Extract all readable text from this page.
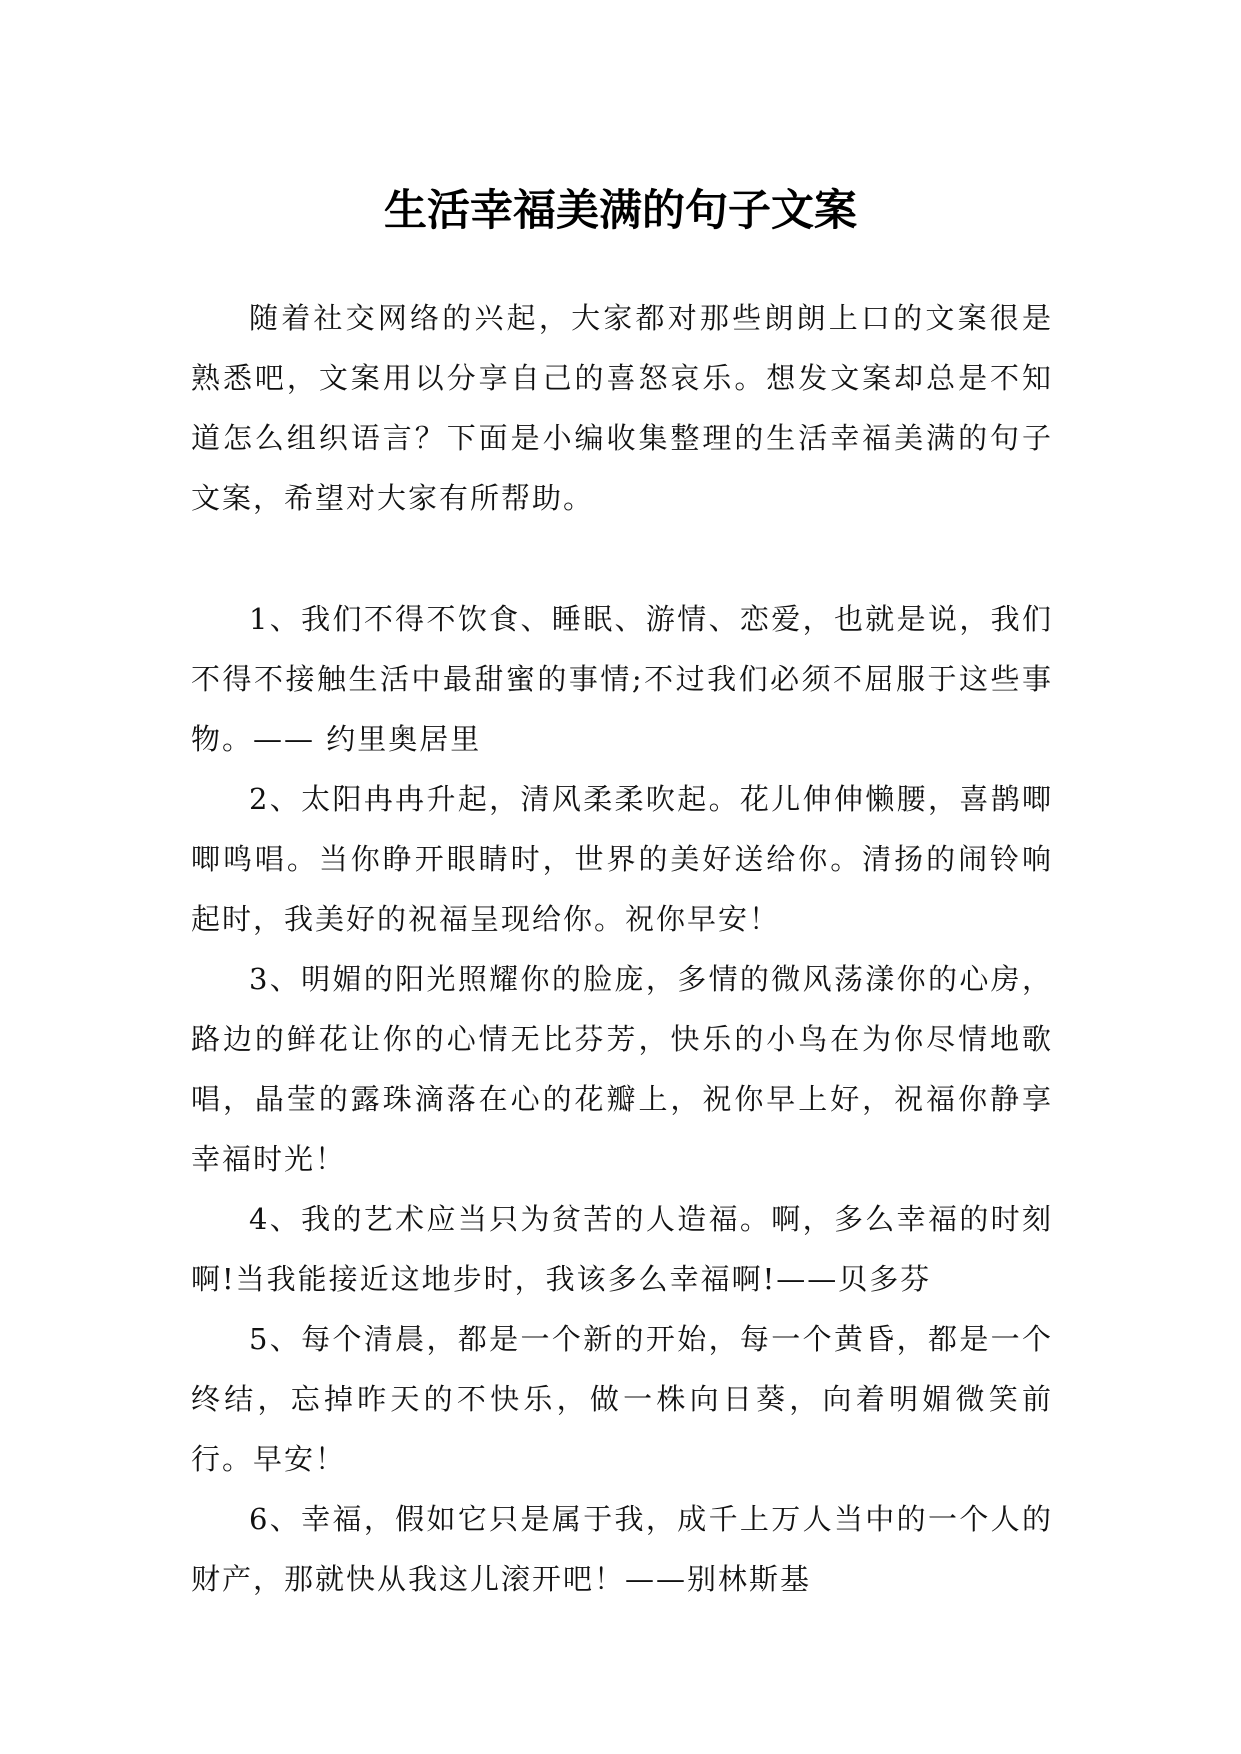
生活幸福美满的句子文案

随着社交网络的兴起，大家都对那些朗朗上口的文案很是熟悉吧，文案用以分享自己的喜怒哀乐。想发文案却总是不知道怎么组织语言？下面是小编收集整理的生活幸福美满的句子文案，希望对大家有所帮助。

1、我们不得不饮食、睡眠、游情、恋爱，也就是说，我们不得不接触生活中最甜蜜的事情;不过我们必须不屈服于这些事物。—— 约里奥居里

2、太阳冉冉升起，清风柔柔吹起。花儿伸伸懒腰，喜鹊唧唧鸣唱。当你睁开眼睛时，世界的美好送给你。清扬的闹铃响起时，我美好的祝福呈现给你。祝你早安！

3、明媚的阳光照耀你的脸庞，多情的微风荡漾你的心房，路边的鲜花让你的心情无比芬芳，快乐的小鸟在为你尽情地歌唱，晶莹的露珠滴落在心的花瓣上，祝你早上好，祝福你静享幸福时光！

4、我的艺术应当只为贫苦的人造福。啊，多么幸福的时刻啊!当我能接近这地步时，我该多么幸福啊!——贝多芬

5、每个清晨，都是一个新的开始，每一个黄昏，都是一个终结，忘掉昨天的不快乐，做一株向日葵，向着明媚微笑前行。早安！

6、幸福，假如它只是属于我，成千上万人当中的一个人的财产，那就快从我这儿滚开吧！——别林斯基
